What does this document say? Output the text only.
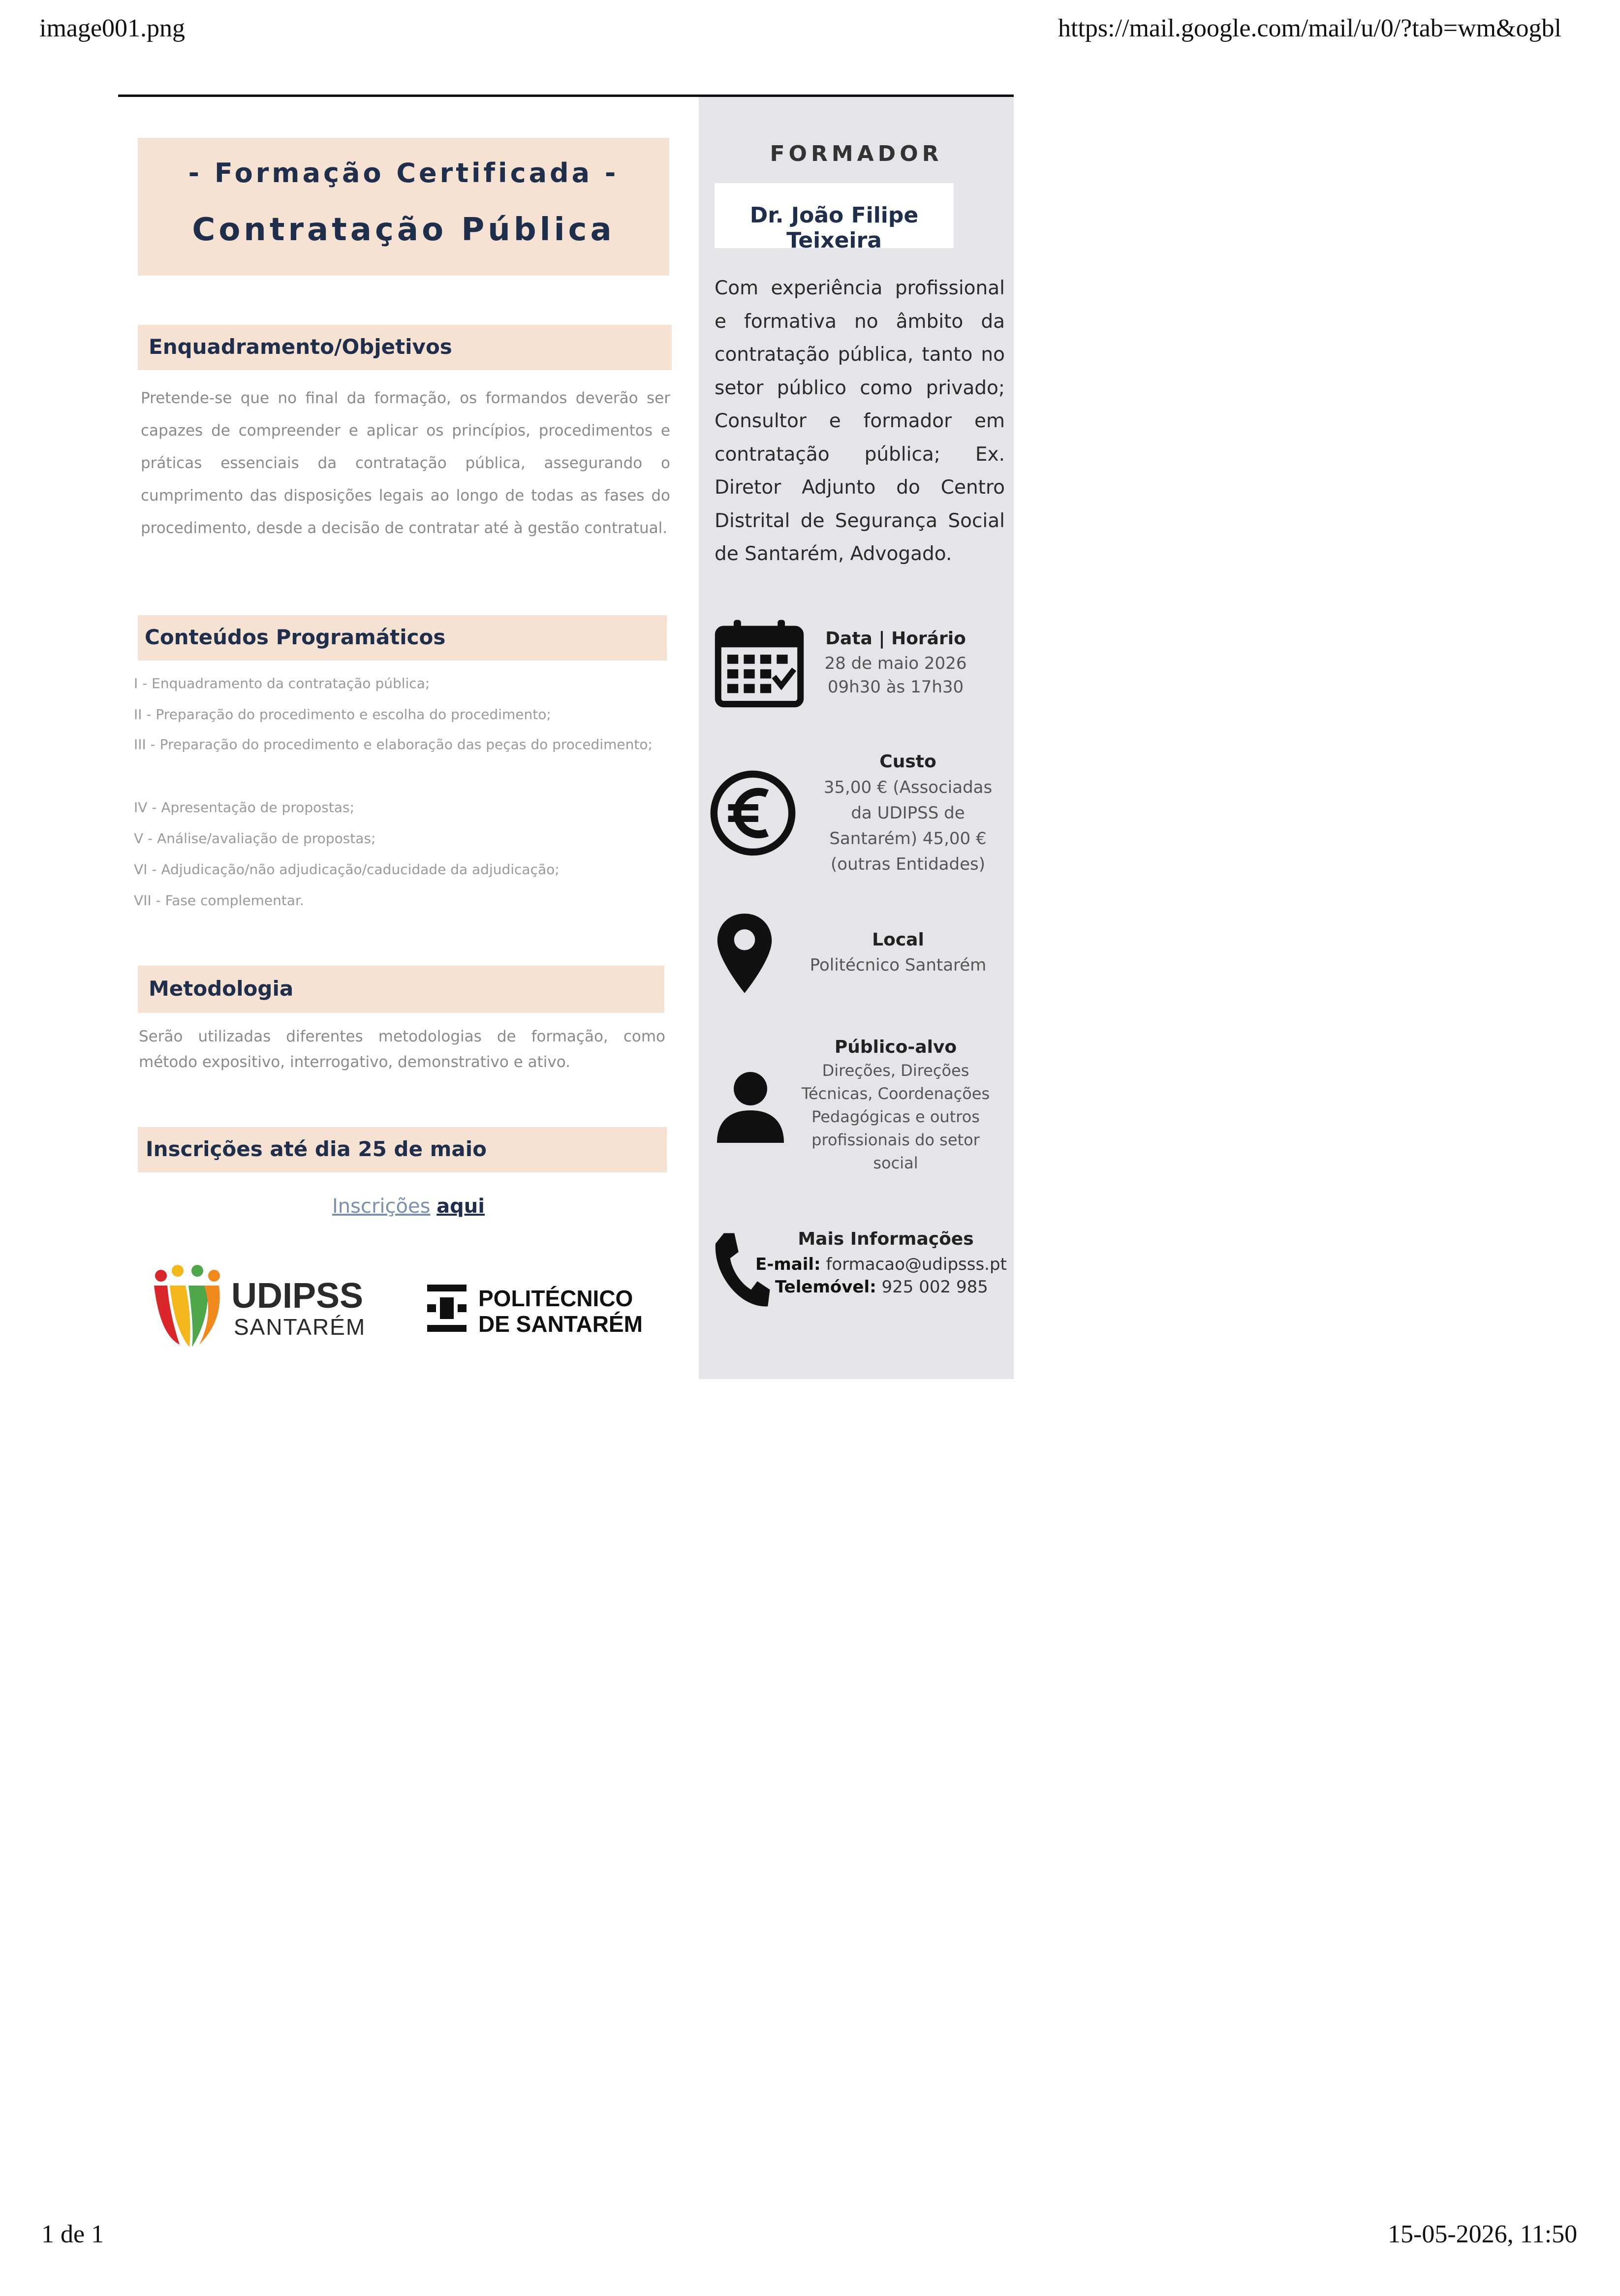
image001.png	https://mail.google.com/mail/u/0/?tab=wm&ogbl
1 de 1	15-05-2026, 11:50
- Formação Certificada -
Contratação Pública
Enquadramento/Objetivos
Pretende-se que no final da formação, os formandos deverão ser capazes de compreender e aplicar os princípios, procedimentos e práticas essenciais da contratação pública, assegurando o cumprimento das disposições legais ao longo de todas as fases do procedimento, desde a decisão de contratar até à gestão contratual.
Conteúdos Programáticos
I - Enquadramento da contratação pública;
II - Preparação do procedimento e escolha do procedimento;
III - Preparação do procedimento e elaboração das peças do procedimento;
IV - Apresentação de propostas;
V - Análise/avaliação de propostas;
VI - Adjudicação/não adjudicação/caducidade da adjudicação;
VII - Fase complementar.
Metodologia
Serão utilizadas diferentes metodologias de formação, como método expositivo, interrogativo, demonstrativo e ativo.
Inscrições até dia 25 de maio
Inscrições aqui
UDIPSS
SANTARÉM
POLITÉCNICO
DE SANTARÉM
FORMADOR
Dr. João Filipe Teixeira
Com experiência profissional e formativa no âmbito da contratação pública, tanto no setor público como privado; Consultor e formador em contratação pública; Ex. Diretor Adjunto do Centro Distrital de Segurança Social de Santarém, Advogado.
Data | Horário
28 de maio 2026
09h30 às 17h30
Custo
35,00 € (Associadas da UDIPSS de Santarém) 45,00 € (outras Entidades)
Local
Politécnico Santarém
Público-alvo
Direções, Direções Técnicas, Coordenações Pedagógicas e outros profissionais do setor social
Mais Informações
E-mail: formacao@udipsss.pt
Telemóvel: 925 002 985
